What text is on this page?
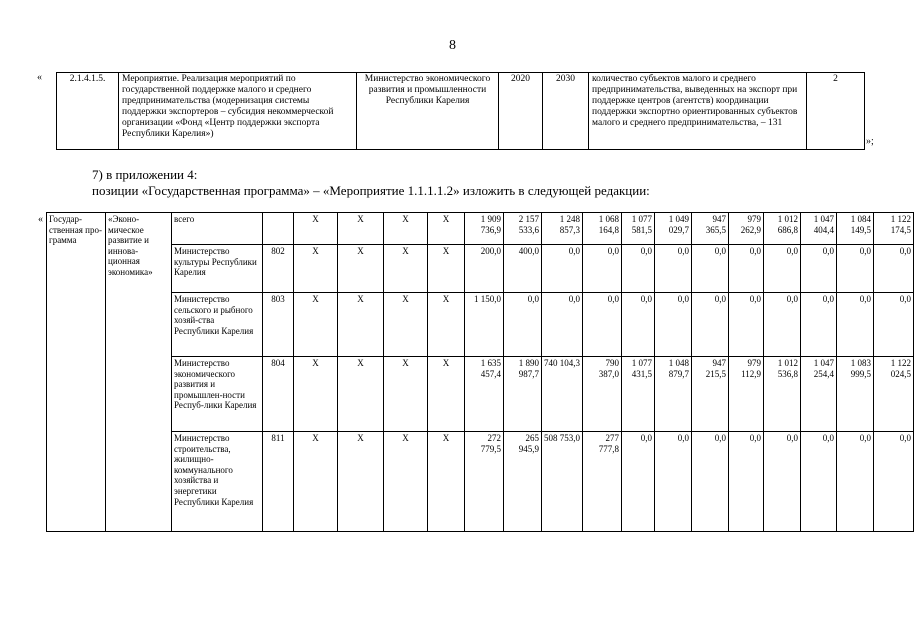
8
«	2.1.4.1.5.	Мероприятие. Реализация мероприятий по государственной поддержке малого и среднего предпринимательства (модернизация системы поддержки экспортеров – субсидия некоммерческой организации «Фонд «Центр поддержки экспорта Республики Карелия»)	Министерство экономического развития и промышленности Республики Карелия	2020	2030	количество субъектов малого и среднего предпринимательства, выведенных на экспорт при поддержке центров (агентств) координации поддержки экспортно ориентированных субъектов малого и среднего предпринимательства, – 131	2
»;
7) в приложении 4:
позиции «Государственная программа» – «Мероприятие 1.1.1.1.2» изложить в следующей редакции:
« Государ-ственная про-грамма	«Эконо-мическое развитие и иннова-ционная экономика»	всего		Х	Х	Х	Х	1 909 736,9	2 157 533,6	1 248 857,3	1 068 164,8	1 077 581,5	1 049 029,7	947 365,5	979 262,9	1 012 686,8	1 047 404,4	1 084 149,5	1 122 174,5
		Министерство культуры Республики Карелия	802	Х	Х	Х	Х	200,0	400,0	0,0	0,0	0,0	0,0	0,0	0,0	0,0	0,0	0,0	0,0
		Министерство сельского и рыбного хозяй-ства Республики Карелия	803	Х	Х	Х	Х	1 150,0	0,0	0,0	0,0	0,0	0,0	0,0	0,0	0,0	0,0	0,0	0,0
		Министерство экономического развития и промышлен-ности Респуб-лики Карелия	804	Х	Х	Х	Х	1 635 457,4	1 890 987,7	740 104,3	790 387,0	1 077 431,5	1 048 879,7	947 215,5	979 112,9	1 012 536,8	1 047 254,4	1 083 999,5	1 122 024,5
		Министерство строительства, жилищно-коммунального хозяйства и энергетики Республики Карелия	811	Х	Х	Х	Х	272 779,5	265 945,9	508 753,0	277 777,8	0,0	0,0	0,0	0,0	0,0	0,0	0,0	0,0
